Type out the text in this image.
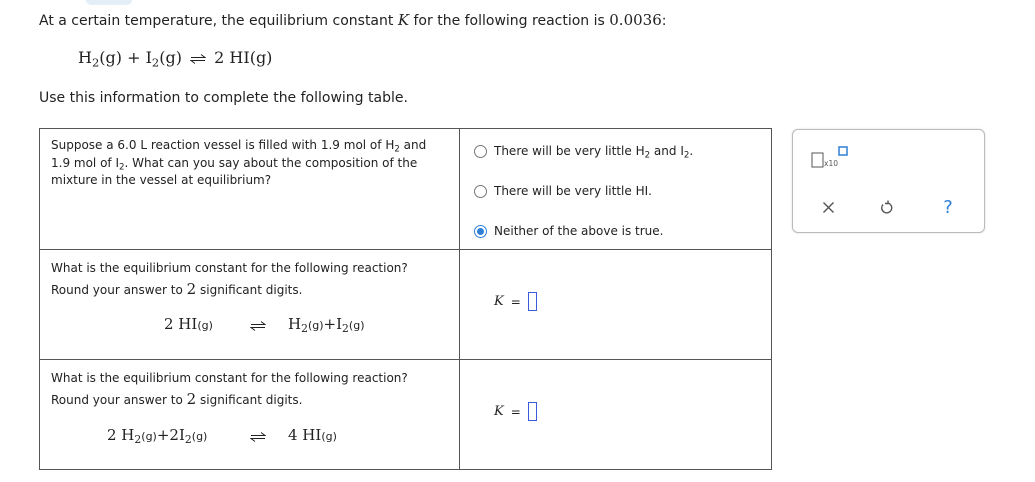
At a certain temperature, the equilibrium constant K for the following reaction is 0.0036:
$H_2(g) + I_2(g)$ ⇌ 2 HI(g)
Use this information to complete the following table.
Suppose a 6.0 L reaction vessel is filled with 1.9 mol of $H_2$ and
1.9 mol of $I_2$. What can you say about the composition of the
mixture in the vessel at equilibrium?
There will be very little $H_2$ and $I_2$.
There will be very little HI.
Neither of the above is true.
What is the equilibrium constant for the following reaction?
Round your answer to 2 significant digits.
2 HI(g) ⇌ $H_2(g)+I_2(g)$
K =
What is the equilibrium constant for the following reaction?
Round your answer to 2 significant digits.
2 $H_2(g)+2I_2(g)$	⇌ 4 HI(g)
K =
x10
?
